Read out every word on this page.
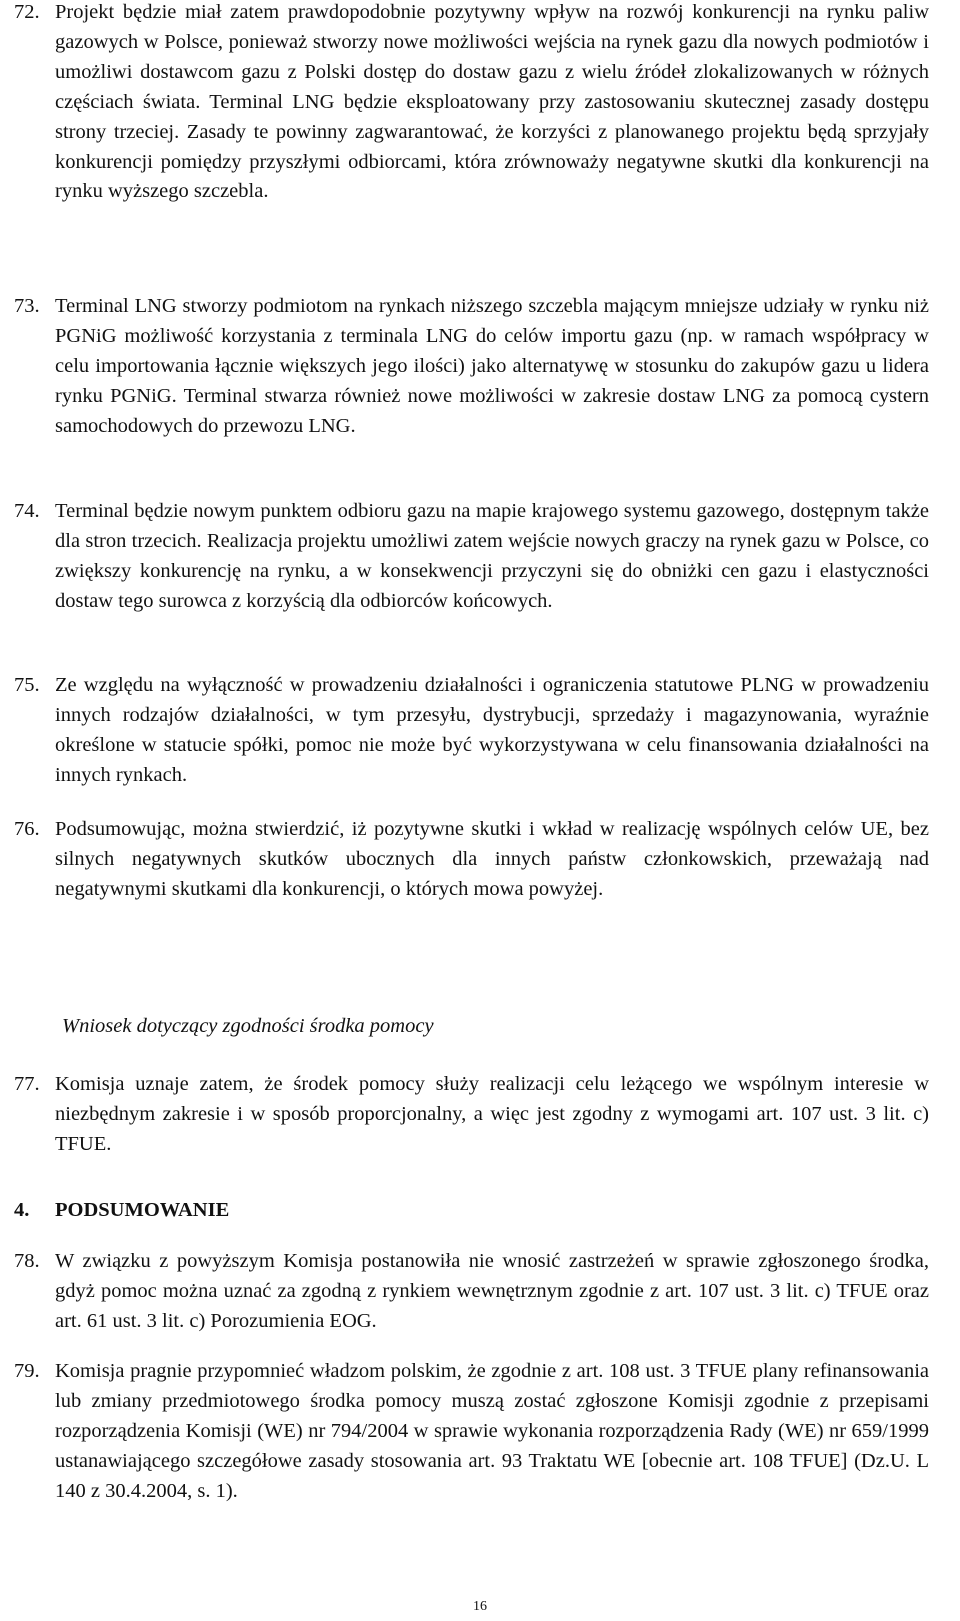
72. Projekt będzie miał zatem prawdopodobnie pozytywny wpływ na rozwój konkurencji na rynku paliw gazowych w Polsce, ponieważ stworzy nowe możliwości wejścia na rynek gazu dla nowych podmiotów i umożliwi dostawcom gazu z Polski dostęp do dostaw gazu z wielu źródeł zlokalizowanych w różnych częściach świata. Terminal LNG będzie eksploatowany przy zastosowaniu skutecznej zasady dostępu strony trzeciej. Zasady te powinny zagwarantować, że korzyści z planowanego projektu będą sprzyjały konkurencji pomiędzy przyszłymi odbiorcami, która zrównoważy negatywne skutki dla konkurencji na rynku wyższego szczebla.
73. Terminal LNG stworzy podmiotom na rynkach niższego szczebla mającym mniejsze udziały w rynku niż PGNiG możliwość korzystania z terminala LNG do celów importu gazu (np. w ramach współpracy w celu importowania łącznie większych jego ilości) jako alternatywę w stosunku do zakupów gazu u lidera rynku PGNiG. Terminal stwarza również nowe możliwości w zakresie dostaw LNG za pomocą cystern samochodowych do przewozu LNG.
74. Terminal będzie nowym punktem odbioru gazu na mapie krajowego systemu gazowego, dostępnym także dla stron trzecich. Realizacja projektu umożliwi zatem wejście nowych graczy na rynek gazu w Polsce, co zwiększy konkurencję na rynku, a w konsekwencji przyczyni się do obniżki cen gazu i elastyczności dostaw tego surowca z korzyścią dla odbiorców końcowych.
75. Ze względu na wyłączność w prowadzeniu działalności i ograniczenia statutowe PLNG w prowadzeniu innych rodzajów działalności, w tym przesyłu, dystrybucji, sprzedaży i magazynowania, wyraźnie określone w statucie spółki, pomoc nie może być wykorzystywana w celu finansowania działalności na innych rynkach.
76. Podsumowując, można stwierdzić, iż pozytywne skutki i wkład w realizację wspólnych celów UE, bez silnych negatywnych skutków ubocznych dla innych państw członkowskich, przeważają nad negatywnymi skutkami dla konkurencji, o których mowa powyżej.
Wniosek dotyczący zgodności środka pomocy
77. Komisja uznaje zatem, że środek pomocy służy realizacji celu leżącego we wspólnym interesie w niezbędnym zakresie i w sposób proporcjonalny, a więc jest zgodny z wymogami art. 107 ust. 3 lit. c) TFUE.
4.	PODSUMOWANIE
78. W związku z powyższym Komisja postanowiła nie wnosić zastrzeżeń w sprawie zgłoszonego środka, gdyż pomoc można uznać za zgodną z rynkiem wewnętrznym zgodnie z art. 107 ust. 3 lit. c) TFUE oraz art. 61 ust. 3 lit. c) Porozumienia EOG.
79. Komisja pragnie przypomnieć władzom polskim, że zgodnie z art. 108 ust. 3 TFUE plany refinansowania lub zmiany przedmiotowego środka pomocy muszą zostać zgłoszone Komisji zgodnie z przepisami rozporządzenia Komisji (WE) nr 794/2004 w sprawie wykonania rozporządzenia Rady (WE) nr 659/1999 ustanawiającego szczegółowe zasady stosowania art. 93 Traktatu WE [obecnie art. 108 TFUE] (Dz.U. L 140 z 30.4.2004, s. 1).
16
